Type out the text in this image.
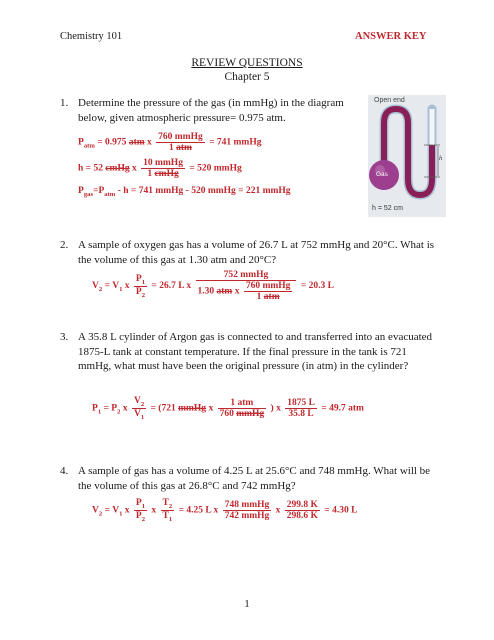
Chemistry 101	ANSWER KEY
REVIEW QUESTIONS
Chapter 5
1. Determine the pressure of the gas (in mmHg) in the diagram below, given atmospheric pressure= 0.975 atm.
$P_{atm} = 0.975$ atm x $\frac{\text{760 mmHg}}{\text{1 atm}} = 741$ mmHg
h = 52 cmHg x $\frac{\text{10 mmHg}}{\text{1 cmHg}} = 520$ mmHg
$P_{gas}=P_{atm} - h = 741$ mmHg - 520 mmHg = 221 mmHg
Open end
Gas
h
h = 52 cm
2. A sample of oxygen gas has a volume of 26.7 L at 752 mmHg and 20°C. What is the volume of this gas at 1.30 atm and 20°C?
$V_2 = V_1$ x $\frac{P_1}{P_2} = 26.7$ L x $\frac{\text{752 mmHg}}{1.30 atm x \frac{\text{760 mmHg}}{\text{1 atm}}} = 20.3$ L
3. A 35.8 L cylinder of Argon gas is connected to and transferred into an evacuated 1875-L tank at constant temperature. If the final pressure in the tank is 721 mmHg, what must have been the original pressure (in atm) in the cylinder?
$P_1 = P_2$ x $\frac{V_2}{V_1} = (721$ mmHg x $\frac{\text{1 atm}}{\text{760 mmHg}}$ ) x $\frac{1875 L}{35.8 L} = 49.7$ atm
4. A sample of gas has a volume of 4.25 L at 25.6°C and 748 mmHg. What will be the volume of this gas at 26.8°C and 742 mmHg?
$V_2 = V_1$ x $\frac{P_1}{P_2}$ x $\frac{T_2}{T_1} = 4.25$ L x $\frac{\text{748 mmHg}}{\text{742 mmHg}}$ x $\frac{299.8 K}{298.6 K} = 4.30$ L
1
